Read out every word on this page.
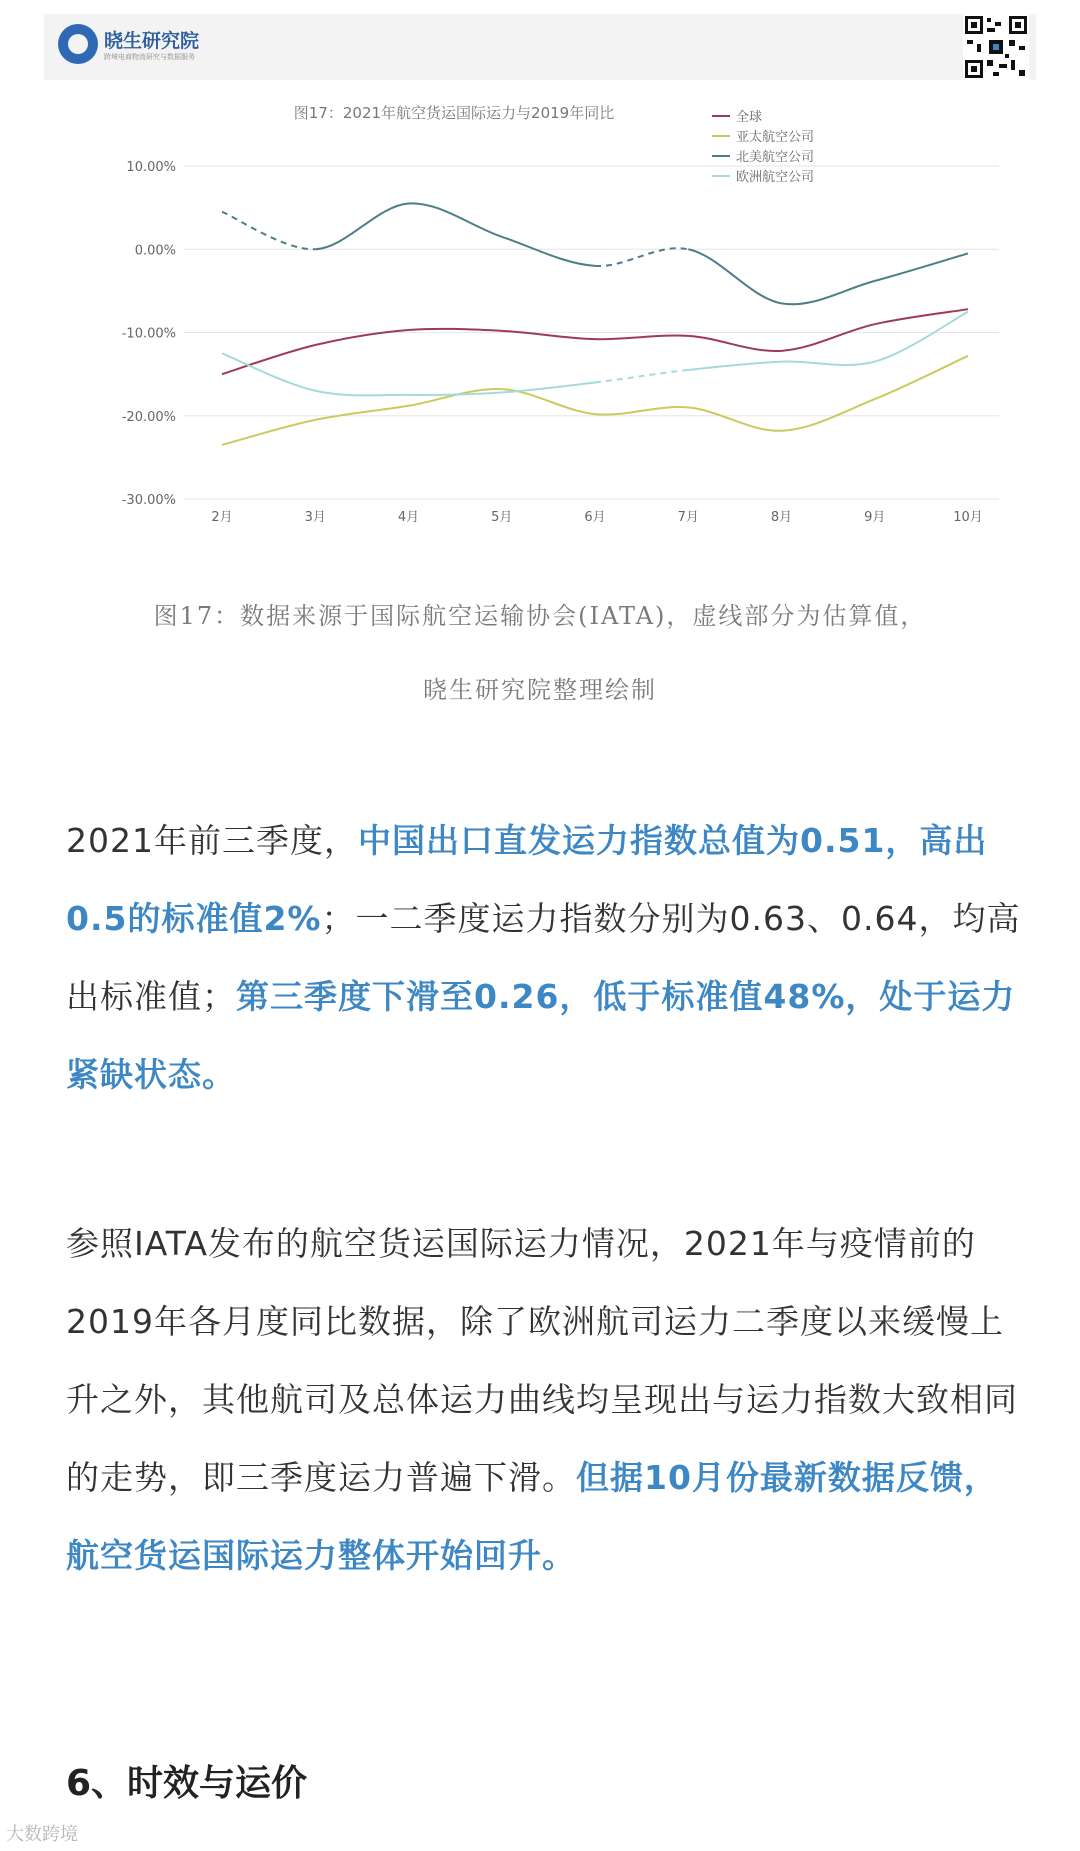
晓生研究院
跨境电商物流研究与数据服务
图17：2021年航空货运国际运力与2019年同比
10.00%
0.00%
-10.00%
-20.00%
-30.00%
2月	3月	4月	5月	6月	7月	8月	9月	10月
全球
亚太航空公司
北美航空公司
欧洲航空公司
图17：数据来源于国际航空运输协会(IATA)，虚线部分为估算值，
晓生研究院整理绘制
2021年前三季度，中国出口直发运力指数总值为0.51，高出0.5的标准值2%；一二季度运力指数分别为0.63、0.64，均高出标准值；第三季度下滑至0.26，低于标准值48%，处于运力紧缺状态。
参照IATA发布的航空货运国际运力情况，2021年与疫情前的2019年各月度同比数据，除了欧洲航司运力二季度以来缓慢上升之外，其他航司及总体运力曲线均呈现出与运力指数大致相同的走势，即三季度运力普遍下滑。但据10月份最新数据反馈，航空货运国际运力整体开始回升。
6、时效与运价
大数跨境
